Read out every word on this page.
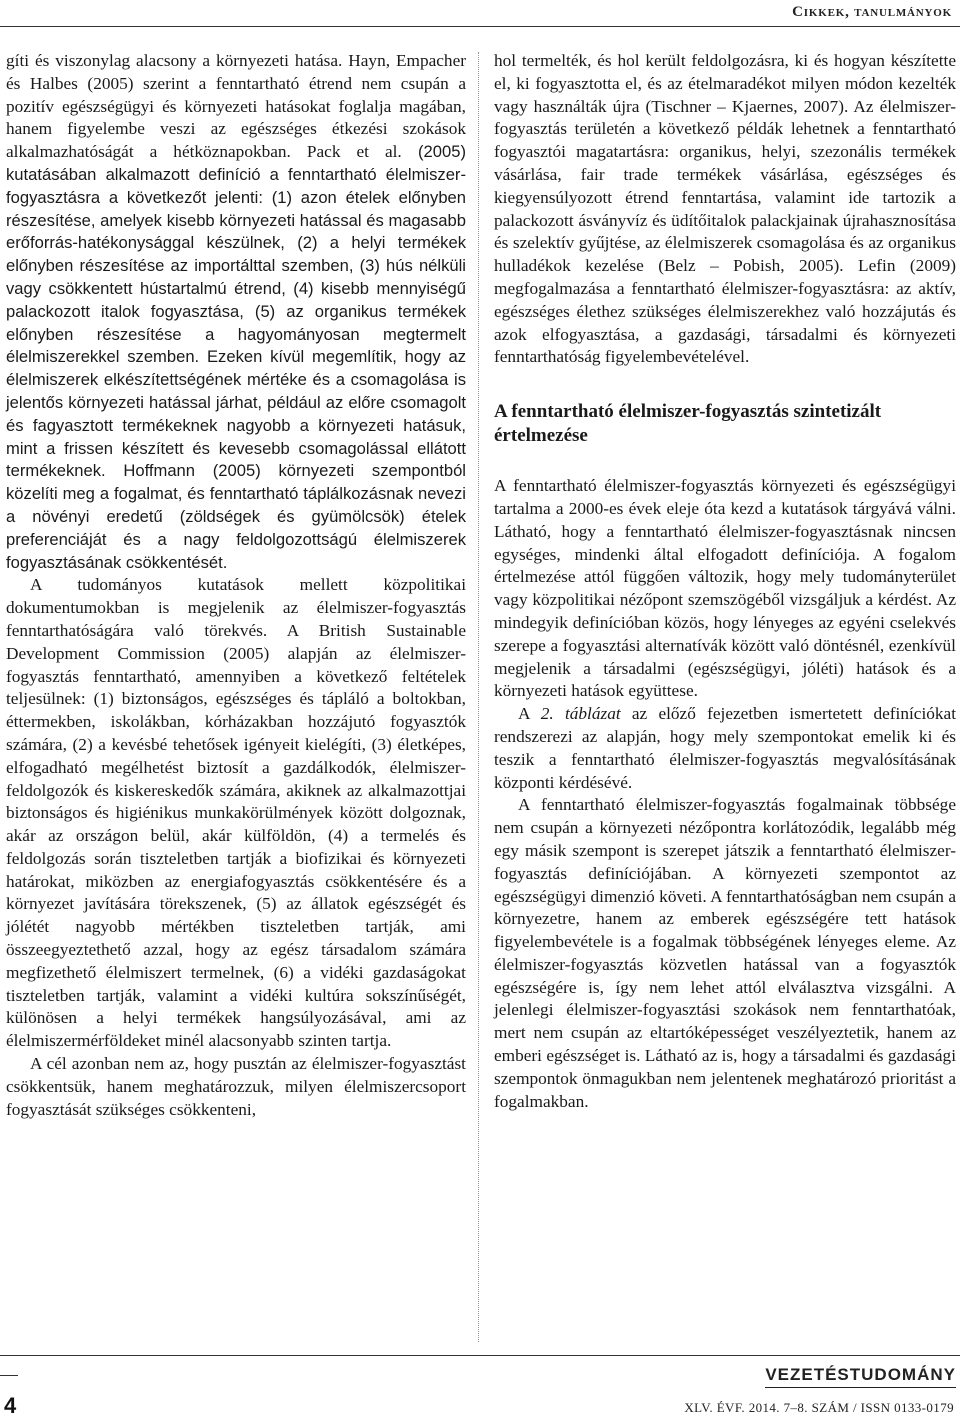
Cikkek, tanulmányok

gíti és viszonylag alacsony a környezeti hatása. Hayn, Empacher és Halbes (2005) szerint a fenntartható étrend nem csupán a pozitív egészségügyi és környezeti hatásokat foglalja magában, hanem figyelembe veszi az egészséges étkezési szokások alkalmazhatóságát a hétköznapokban. Pack et al. (2005) kutatásában alkalmazott definíció a fenntartható élelmiszer-fogyasztásra a következőt jelenti: (1) azon ételek előnyben részesítése, amelyek kisebb környezeti hatással és magasabb erőforrás-hatékonysággal készülnek, (2) a helyi termékek előnyben részesítése az importálttal szemben, (3) hús nélküli vagy csökkentett hústartalmú étrend, (4) kisebb mennyiségű palackozott italok fogyasztása, (5) az organikus termékek előnyben részesítése a hagyományosan megtermelt élelmiszerekkel szemben. Ezeken kívül megemlítik, hogy az élelmiszerek elkészítettségének mértéke és a csomagolása is jelentős környezeti hatással járhat, például az előre csomagolt és fagyasztott termékeknek nagyobb a környezeti hatásuk, mint a frissen készített és kevesebb csomagolással ellátott termékeknek. Hoffmann (2005) környezeti szempontból közelíti meg a fogalmat, és fenntartható táplálkozásnak nevezi a növényi eredetű (zöldségek és gyümölcsök) ételek preferenciáját és a nagy feldolgozottságú élelmiszerek fogyasztásának csökkentését.

A tudományos kutatások mellett közpolitikai dokumentumokban is megjelenik az élelmiszer-fogyasztás fenntarthatóságára való törekvés. A British Sustainable Development Commission (2005) alapján az élelmiszer-fogyasztás fenntartható, amennyiben a következő feltételek teljesülnek: (1) biztonságos, egészséges és tápláló a boltokban, éttermekben, iskolákban, kórházakban hozzájutó fogyasztók számára, (2) a kevésbé tehetősek igényeit kielégíti, (3) életképes, elfogadható megélhetést biztosít a gazdálkodók, élelmiszer-feldolgozók és kiskereskedők számára, akiknek az alkalmazottjai biztonságos és higiénikus munkakörülmények között dolgoznak, akár az országon belül, akár külföldön, (4) a termelés és feldolgozás során tiszteletben tartják a biofizikai és környezeti határokat, miközben az energiafogyasztás csökkentésére és a környezet javítására törekszenek, (5) az állatok egészségét és jólétét nagyobb mértékben tiszteletben tartják, ami összeegyeztethető azzal, hogy az egész társadalom számára megfizethető élelmiszert termelnek, (6) a vidéki gazdaságokat tiszteletben tartják, valamint a vidéki kultúra sokszínűségét, különösen a helyi termékek hangsúlyozásával, ami az élelmiszermérföldeket minél alacsonyabb szinten tartja.

A cél azonban nem az, hogy pusztán az élelmiszer-fogyasztást csökkentsük, hanem meghatározzuk, milyen élelmiszercsoport fogyasztását szükséges csökkenteni,

hol termelték, és hol került feldolgozásra, ki és hogyan készítette el, ki fogyasztotta el, és az ételmaradékot milyen módon kezelték vagy használták újra (Tischner – Kjaernes, 2007). Az élelmiszer-fogyasztás területén a következő példák lehetnek a fenntartható fogyasztói magatartásra: organikus, helyi, szezonális termékek vásárlása, fair trade termékek vásárlása, egészséges és kiegyensúlyozott étrend fenntartása, valamint ide tartozik a palackozott ásványvíz és üdítőitalok palackjainak újrahasznosítása és szelektív gyűjtése, az élelmiszerek csomagolása és az organikus hulladékok kezelése (Belz – Pobish, 2005). Lefin (2009) megfogalmazása a fenntartható élelmiszer-fogyasztásra: az aktív, egészséges élethez szükséges élelmiszerekhez való hozzájutás és azok elfogyasztása, a gazdasági, társadalmi és környezeti fenntarthatóság figyelembevételével.

A fenntartható élelmiszer-fogyasztás szintetizált értelmezése

A fenntartható élelmiszer-fogyasztás környezeti és egészségügyi tartalma a 2000-es évek eleje óta kezd a kutatások tárgyává válni. Látható, hogy a fenntartható élelmiszer-fogyasztásnak nincsen egységes, mindenki által elfogadott definíciója. A fogalom értelmezése attól függően változik, hogy mely tudományterület vagy közpolitikai nézőpont szemszögéből vizsgáljuk a kérdést. Az mindegyik definícióban közös, hogy lényeges az egyéni cselekvés szerepe a fogyasztási alternatívák között való döntésnél, ezenkívül megjelenik a társadalmi (egészségügyi, jóléti) hatások és a környezeti hatások együttese.

A 2. táblázat az előző fejezetben ismertetett definíciókat rendszerezi az alapján, hogy mely szempontokat emelik ki és teszik a fenntartható élelmiszer-fogyasztás megvalósításának központi kérdésévé.

A fenntartható élelmiszer-fogyasztás fogalmainak többsége nem csupán a környezeti nézőpontra korlátozódik, legalább még egy másik szempont is szerepet játszik a fenntartható élelmiszer-fogyasztás definíciójában. A környezeti szempontot az egészségügyi dimenzió követi. A fenntarthatóságban nem csupán a környezetre, hanem az emberek egészségére tett hatások figyelembevétele is a fogalmak többségének lényeges eleme. Az élelmiszer-fogyasztás közvetlen hatással van a fogyasztók egészségére is, így nem lehet attól elválasztva vizsgálni. A jelenlegi élelmiszer-fogyasztási szokások nem fenntarthatóak, mert nem csupán az eltartóképességet veszélyeztetik, hanem az emberi egészséget is. Látható az is, hogy a társadalmi és gazdasági szempontok önmagukban nem jelentenek meghatározó prioritást a fogalmakban.

VEZETÉSTUDOMÁNY
XLV. ÉVF. 2014. 7–8. SZÁM / ISSN 0133-0179
4
